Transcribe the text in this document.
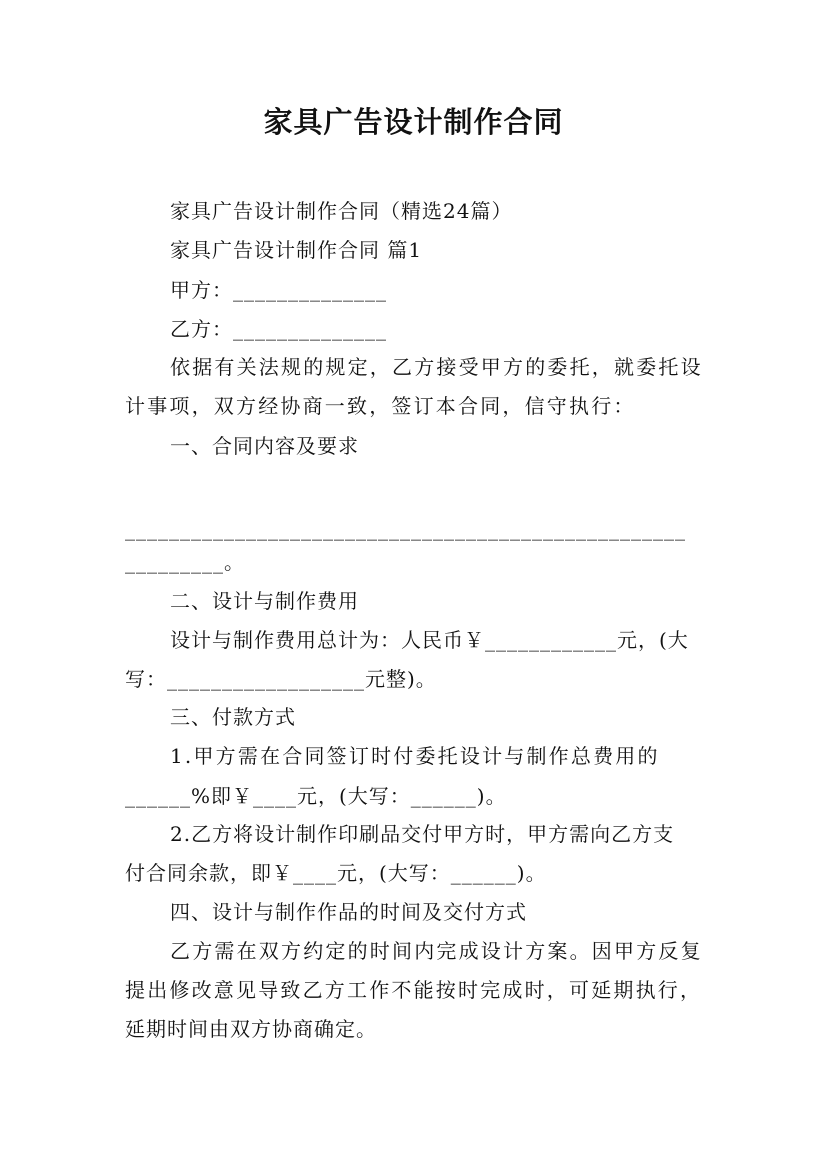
家具广告设计制作合同
家具广告设计制作合同（精选24篇）
家具广告设计制作合同 篇1
甲方：______________
乙方：______________
依据有关法规的规定，乙方接受甲方的委托，就委托设
计事项，双方经协商一致，签订本合同，信守执行：
一、合同内容及要求
___________________________________________________
_________。
二、设计与制作费用
设计与制作费用总计为：人民币￥____________元，(大
写：__________________元整)。
三、付款方式
1.甲方需在合同签订时付委托设计与制作总费用的
______%即￥____元，(大写：______)。
2.乙方将设计制作印刷品交付甲方时，甲方需向乙方支
付合同余款，即￥____元，(大写：______)。
四、设计与制作作品的时间及交付方式
乙方需在双方约定的时间内完成设计方案。因甲方反复
提出修改意见导致乙方工作不能按时完成时，可延期执行，
延期时间由双方协商确定。
